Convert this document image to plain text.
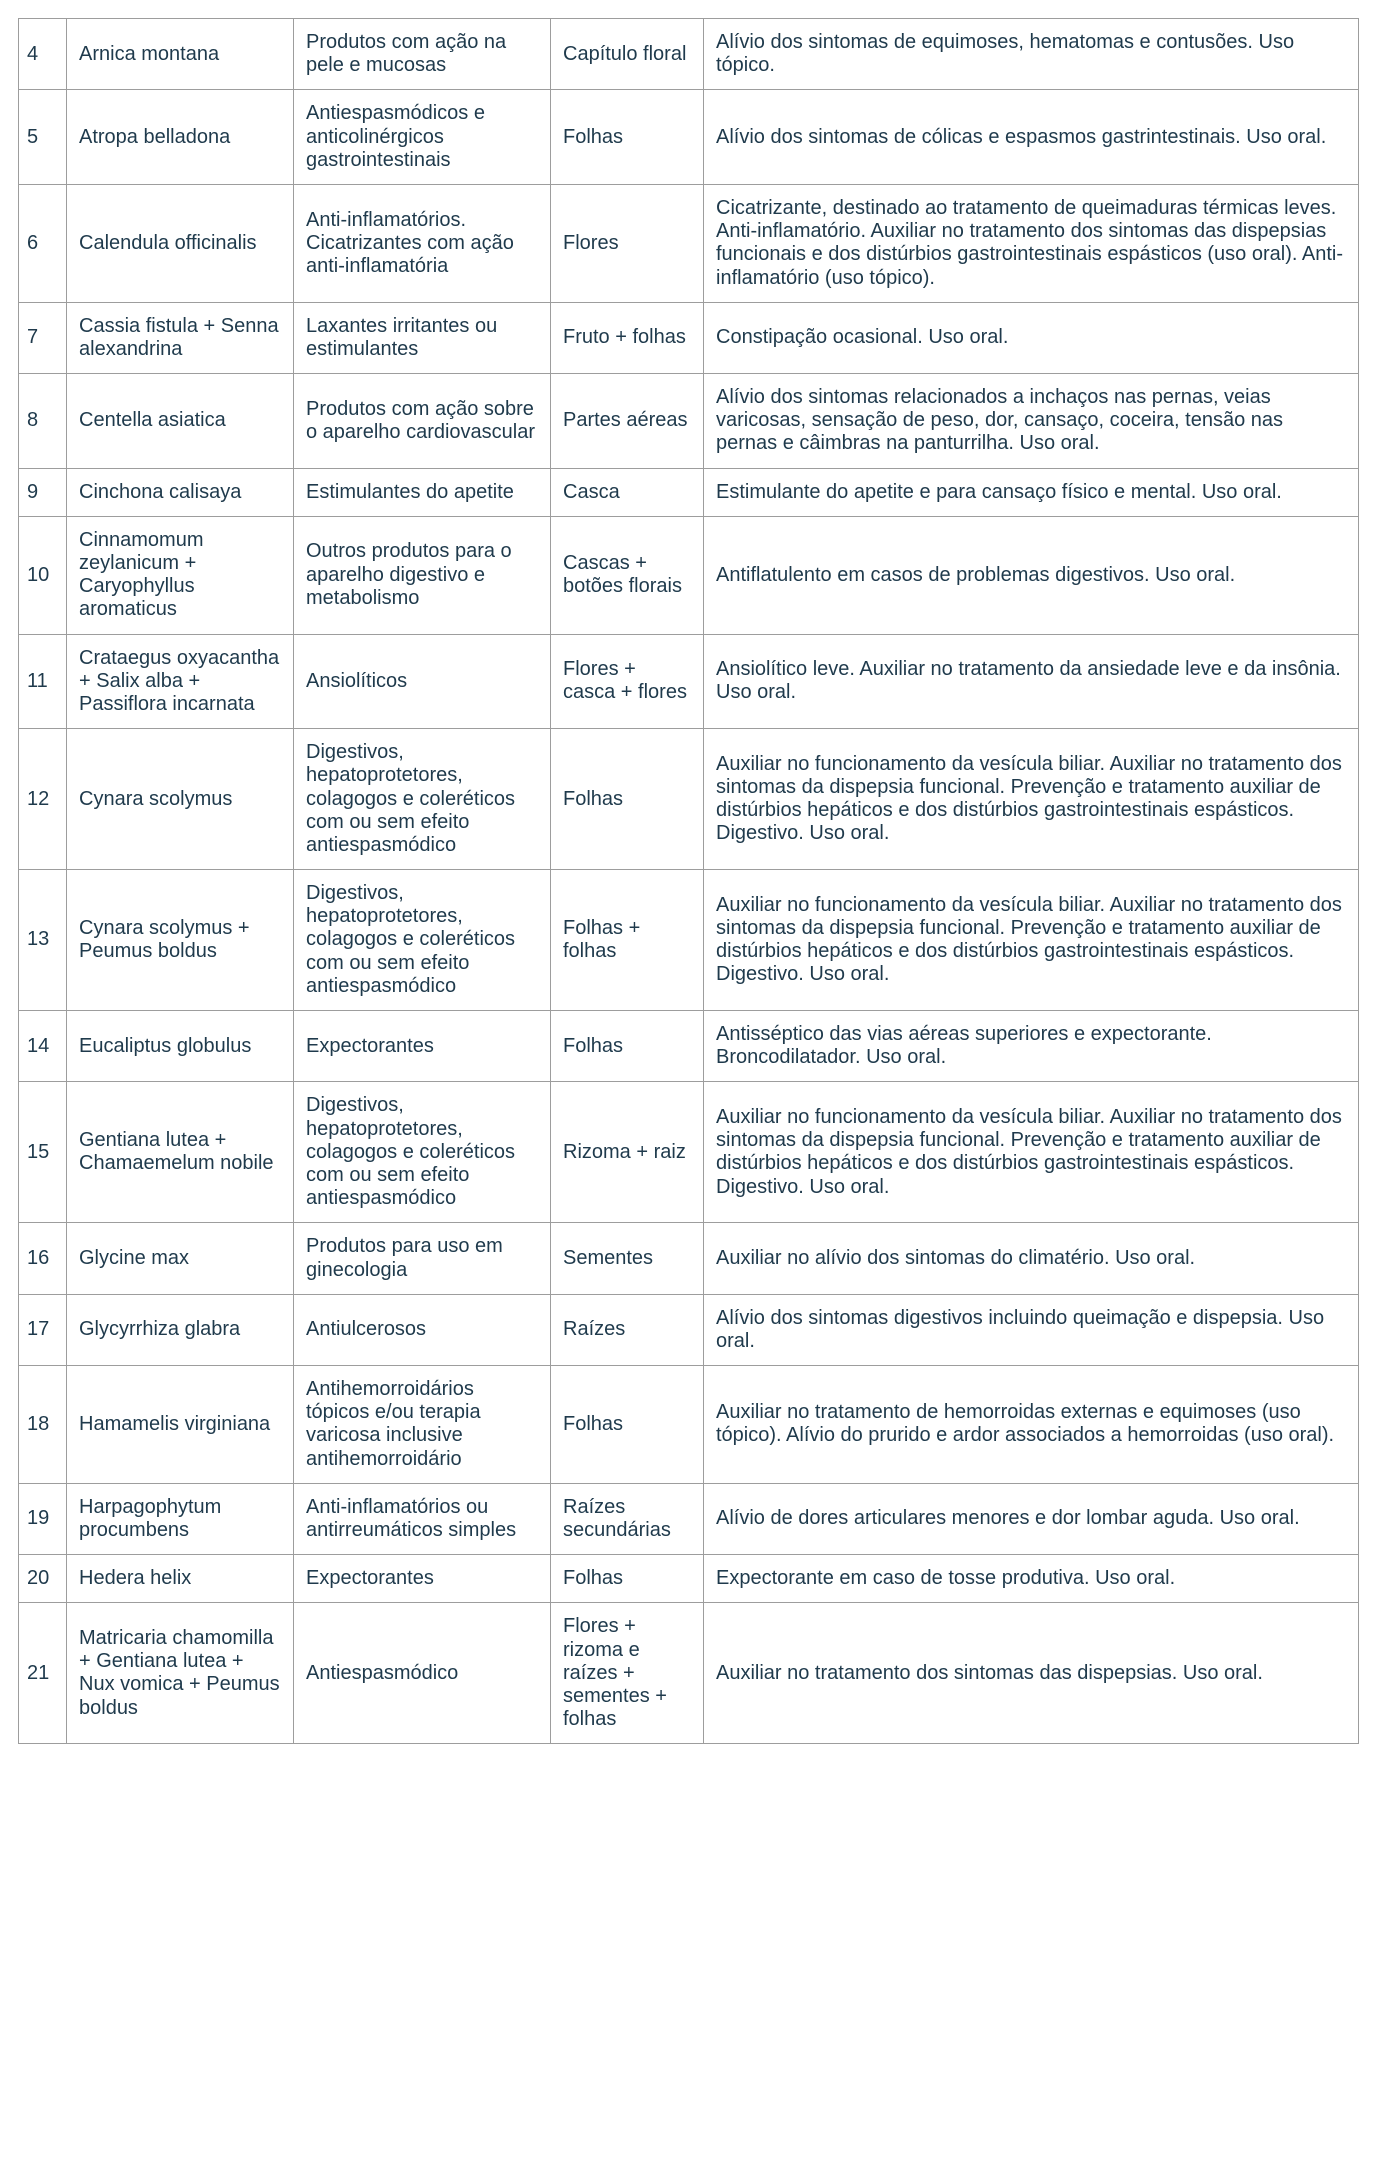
4	Arnica montana	Produtos com ação na pele e mucosas	Capítulo floral	Alívio dos sintomas de equimoses, hematomas e contusões. Uso tópico.
5	Atropa belladona	Antiespasmódicos e anticolinérgicos gastrointestinais	Folhas	Alívio dos sintomas de cólicas e espasmos gastrintestinais. Uso oral.
6	Calendula officinalis	Anti-inflamatórios. Cicatrizantes com ação anti-inflamatória	Flores	Cicatrizante, destinado ao tratamento de queimaduras térmicas leves. Anti-inflamatório. Auxiliar no tratamento dos sintomas das dispepsias funcionais e dos distúrbios gastrointestinais espásticos (uso oral). Anti-inflamatório (uso tópico).
7	Cassia fistula + Senna alexandrina	Laxantes irritantes ou estimulantes	Fruto + folhas	Constipação ocasional. Uso oral.
8	Centella asiatica	Produtos com ação sobre o aparelho cardiovascular	Partes aéreas	Alívio dos sintomas relacionados a inchaços nas pernas, veias varicosas, sensação de peso, dor, cansaço, coceira, tensão nas pernas e câimbras na panturrilha. Uso oral.
9	Cinchona calisaya	Estimulantes do apetite	Casca	Estimulante do apetite e para cansaço físico e mental. Uso oral.
10	Cinnamomum zeylanicum + Caryophyllus aromaticus	Outros produtos para o aparelho digestivo e metabolismo	Cascas + botões florais	Antiflatulento em casos de problemas digestivos. Uso oral.
11	Crataegus oxyacantha + Salix alba + Passiflora incarnata	Ansiolíticos	Flores + casca + flores	Ansiolítico leve. Auxiliar no tratamento da ansiedade leve e da insônia. Uso oral.
12	Cynara scolymus	Digestivos, hepatoprotetores, colagogos e coleréticos com ou sem efeito antiespasmódico	Folhas	Auxiliar no funcionamento da vesícula biliar. Auxiliar no tratamento dos sintomas da dispepsia funcional. Prevenção e tratamento auxiliar de distúrbios hepáticos e dos distúrbios gastrointestinais espásticos. Digestivo. Uso oral.
13	Cynara scolymus + Peumus boldus	Digestivos, hepatoprotetores, colagogos e coleréticos com ou sem efeito antiespasmódico	Folhas + folhas	Auxiliar no funcionamento da vesícula biliar. Auxiliar no tratamento dos sintomas da dispepsia funcional. Prevenção e tratamento auxiliar de distúrbios hepáticos e dos distúrbios gastrointestinais espásticos. Digestivo. Uso oral.
14	Eucaliptus globulus	Expectorantes	Folhas	Antisséptico das vias aéreas superiores e expectorante. Broncodilatador. Uso oral.
15	Gentiana lutea + Chamaemelum nobile	Digestivos, hepatoprotetores, colagogos e coleréticos com ou sem efeito antiespasmódico	Rizoma + raiz	Auxiliar no funcionamento da vesícula biliar. Auxiliar no tratamento dos sintomas da dispepsia funcional. Prevenção e tratamento auxiliar de distúrbios hepáticos e dos distúrbios gastrointestinais espásticos. Digestivo. Uso oral.
16	Glycine max	Produtos para uso em ginecologia	Sementes	Auxiliar no alívio dos sintomas do climatério. Uso oral.
17	Glycyrrhiza glabra	Antiulcerosos	Raízes	Alívio dos sintomas digestivos incluindo queimação e dispepsia. Uso oral.
18	Hamamelis virginiana	Antihemorroidários tópicos e/ou terapia varicosa inclusive antihemorroidário	Folhas	Auxiliar no tratamento de hemorroidas externas e equimoses (uso tópico). Alívio do prurido e ardor associados a hemorroidas (uso oral).
19	Harpagophytum procumbens	Anti-inflamatórios ou antirreumáticos simples	Raízes secundárias	Alívio de dores articulares menores e dor lombar aguda. Uso oral.
20	Hedera helix	Expectorantes	Folhas	Expectorante em caso de tosse produtiva. Uso oral.
21	Matricaria chamomilla + Gentiana lutea + Nux vomica + Peumus boldus	Antiespasmódico	Flores + rizoma e raízes + sementes + folhas	Auxiliar no tratamento dos sintomas das dispepsias. Uso oral.
